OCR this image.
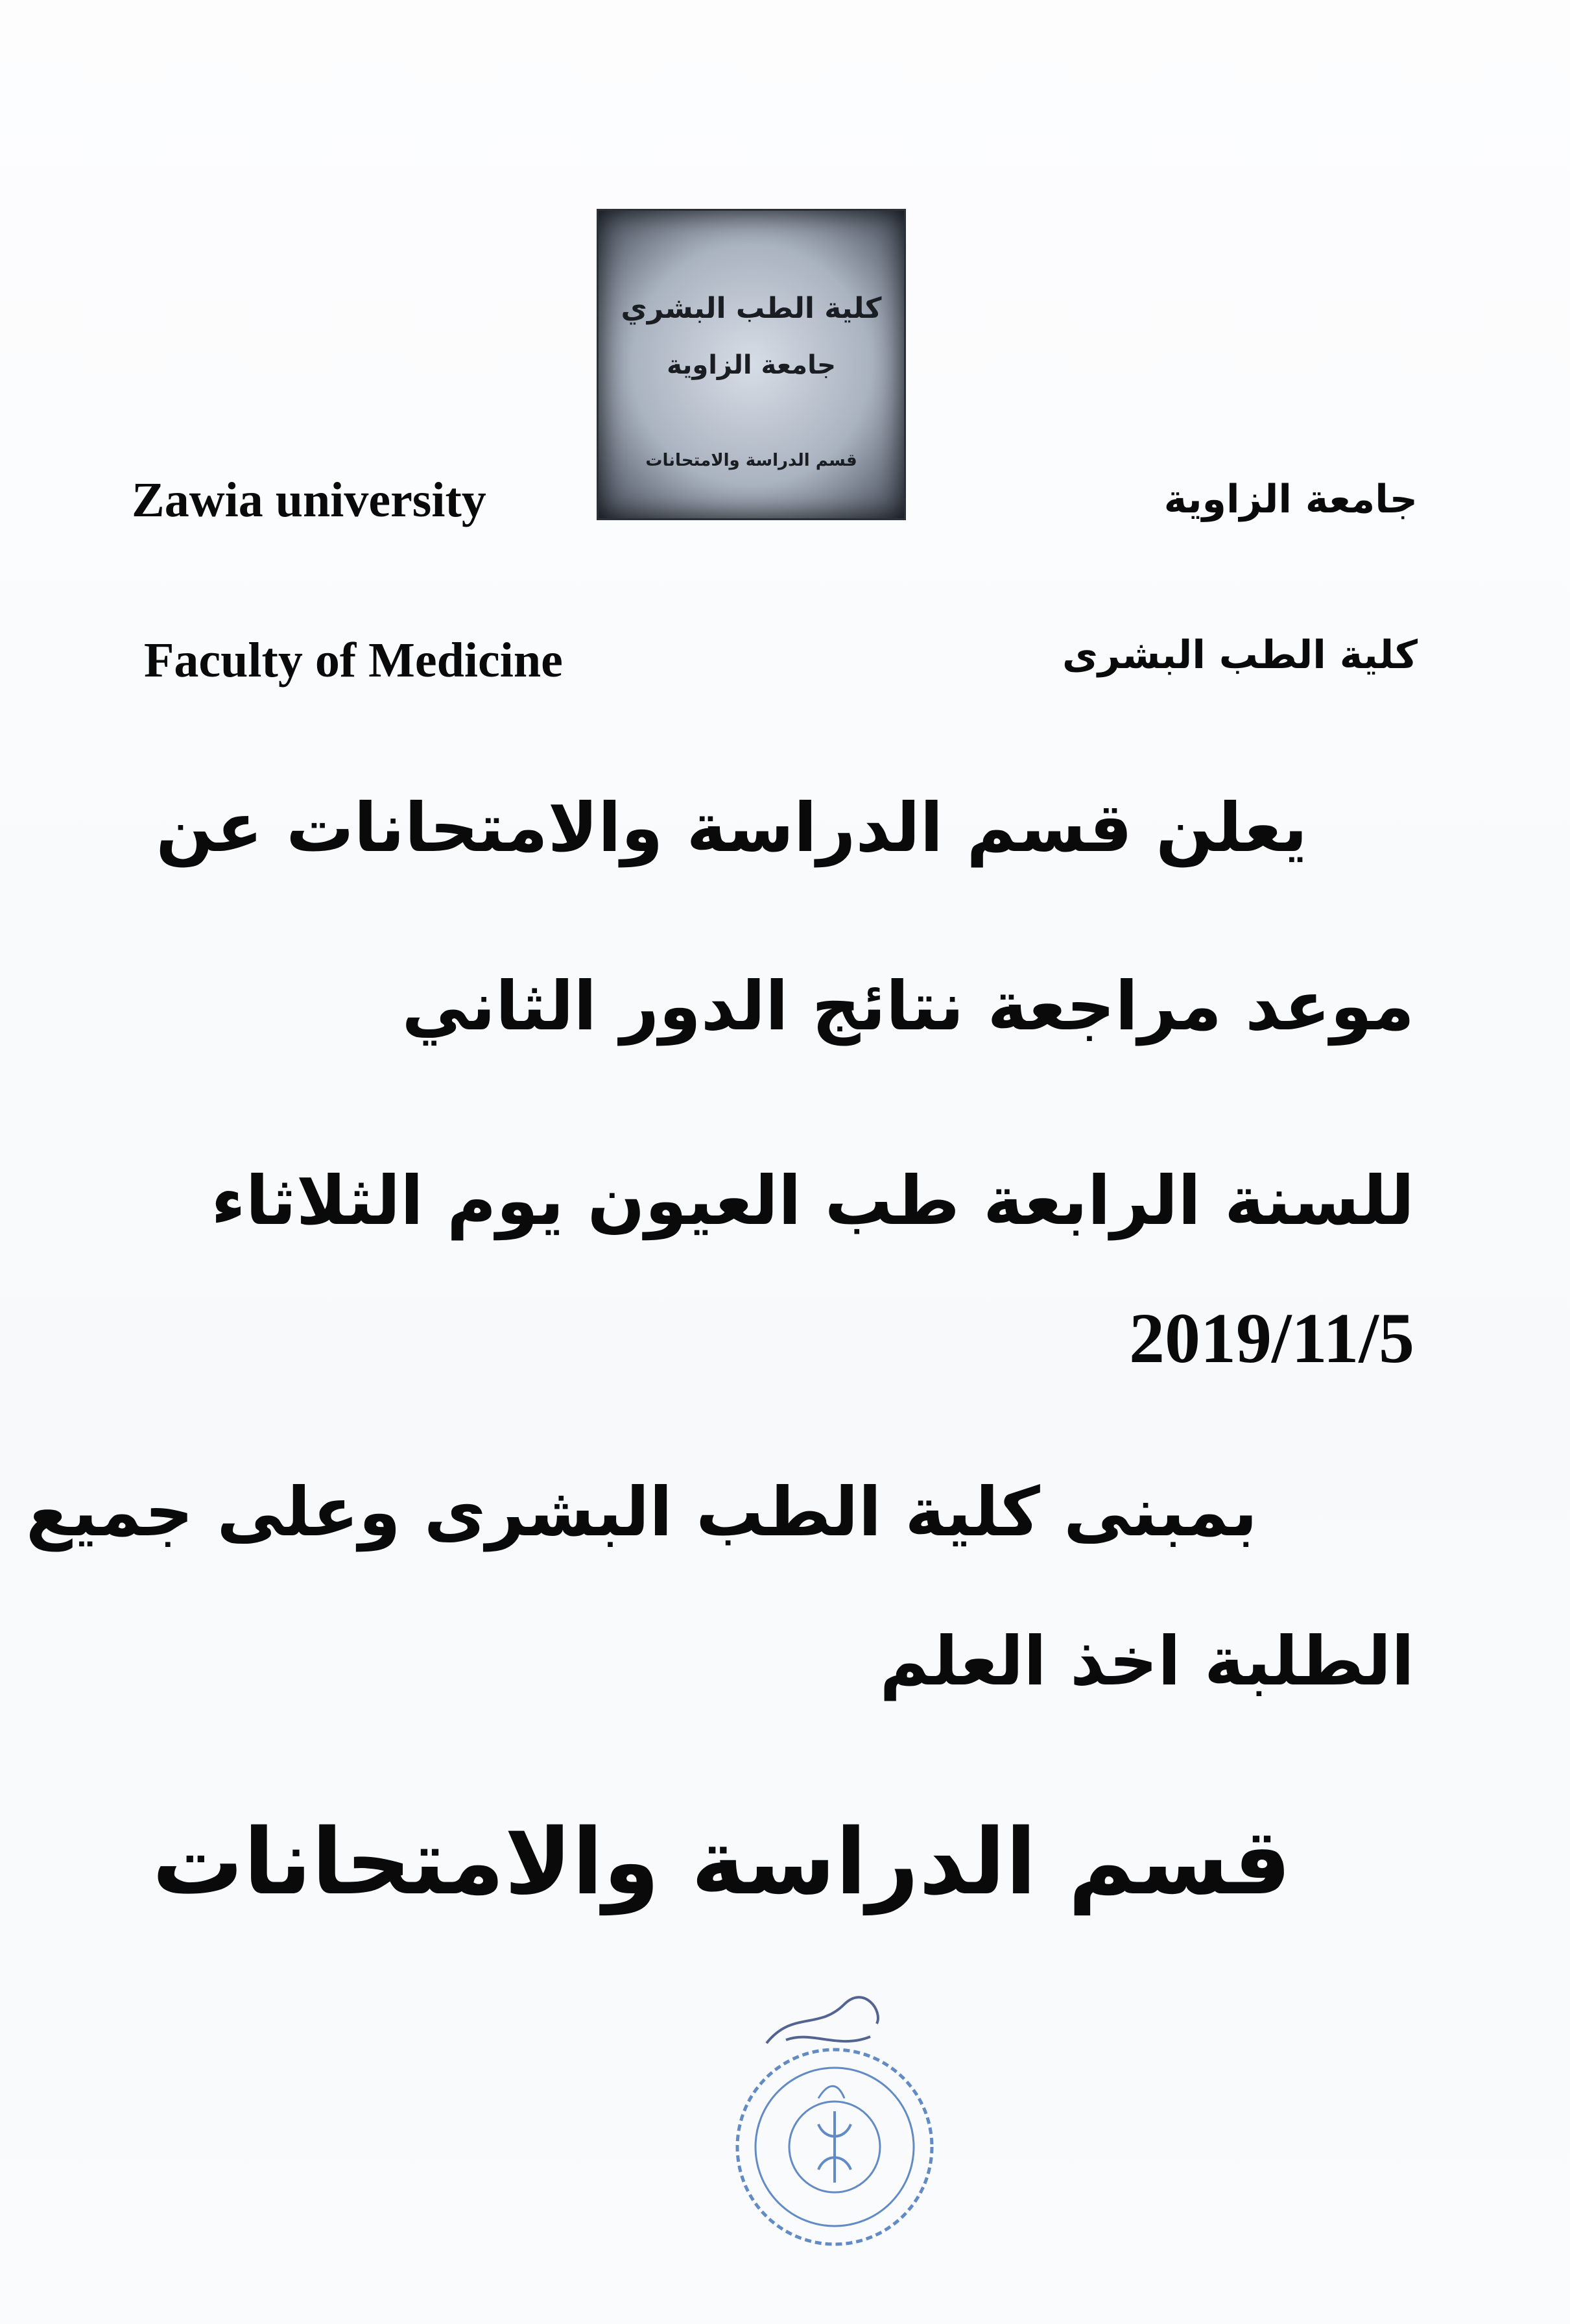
كلية الطب البشري
جامعة الزاوية
قسم الدراسة والامتحانات
Zawia university	جامعة الزاوية
Faculty of Medicine	كلية الطب البشرى
يعلن قسم الدراسة والامتحانات عن
موعد مراجعة نتائج الدور الثاني
للسنة الرابعة طب العيون يوم الثلاثاء
2019/11/5
بمبنى كلية الطب البشرى وعلى جميع
الطلبة اخذ العلم
قسم الدراسة والامتحانات
